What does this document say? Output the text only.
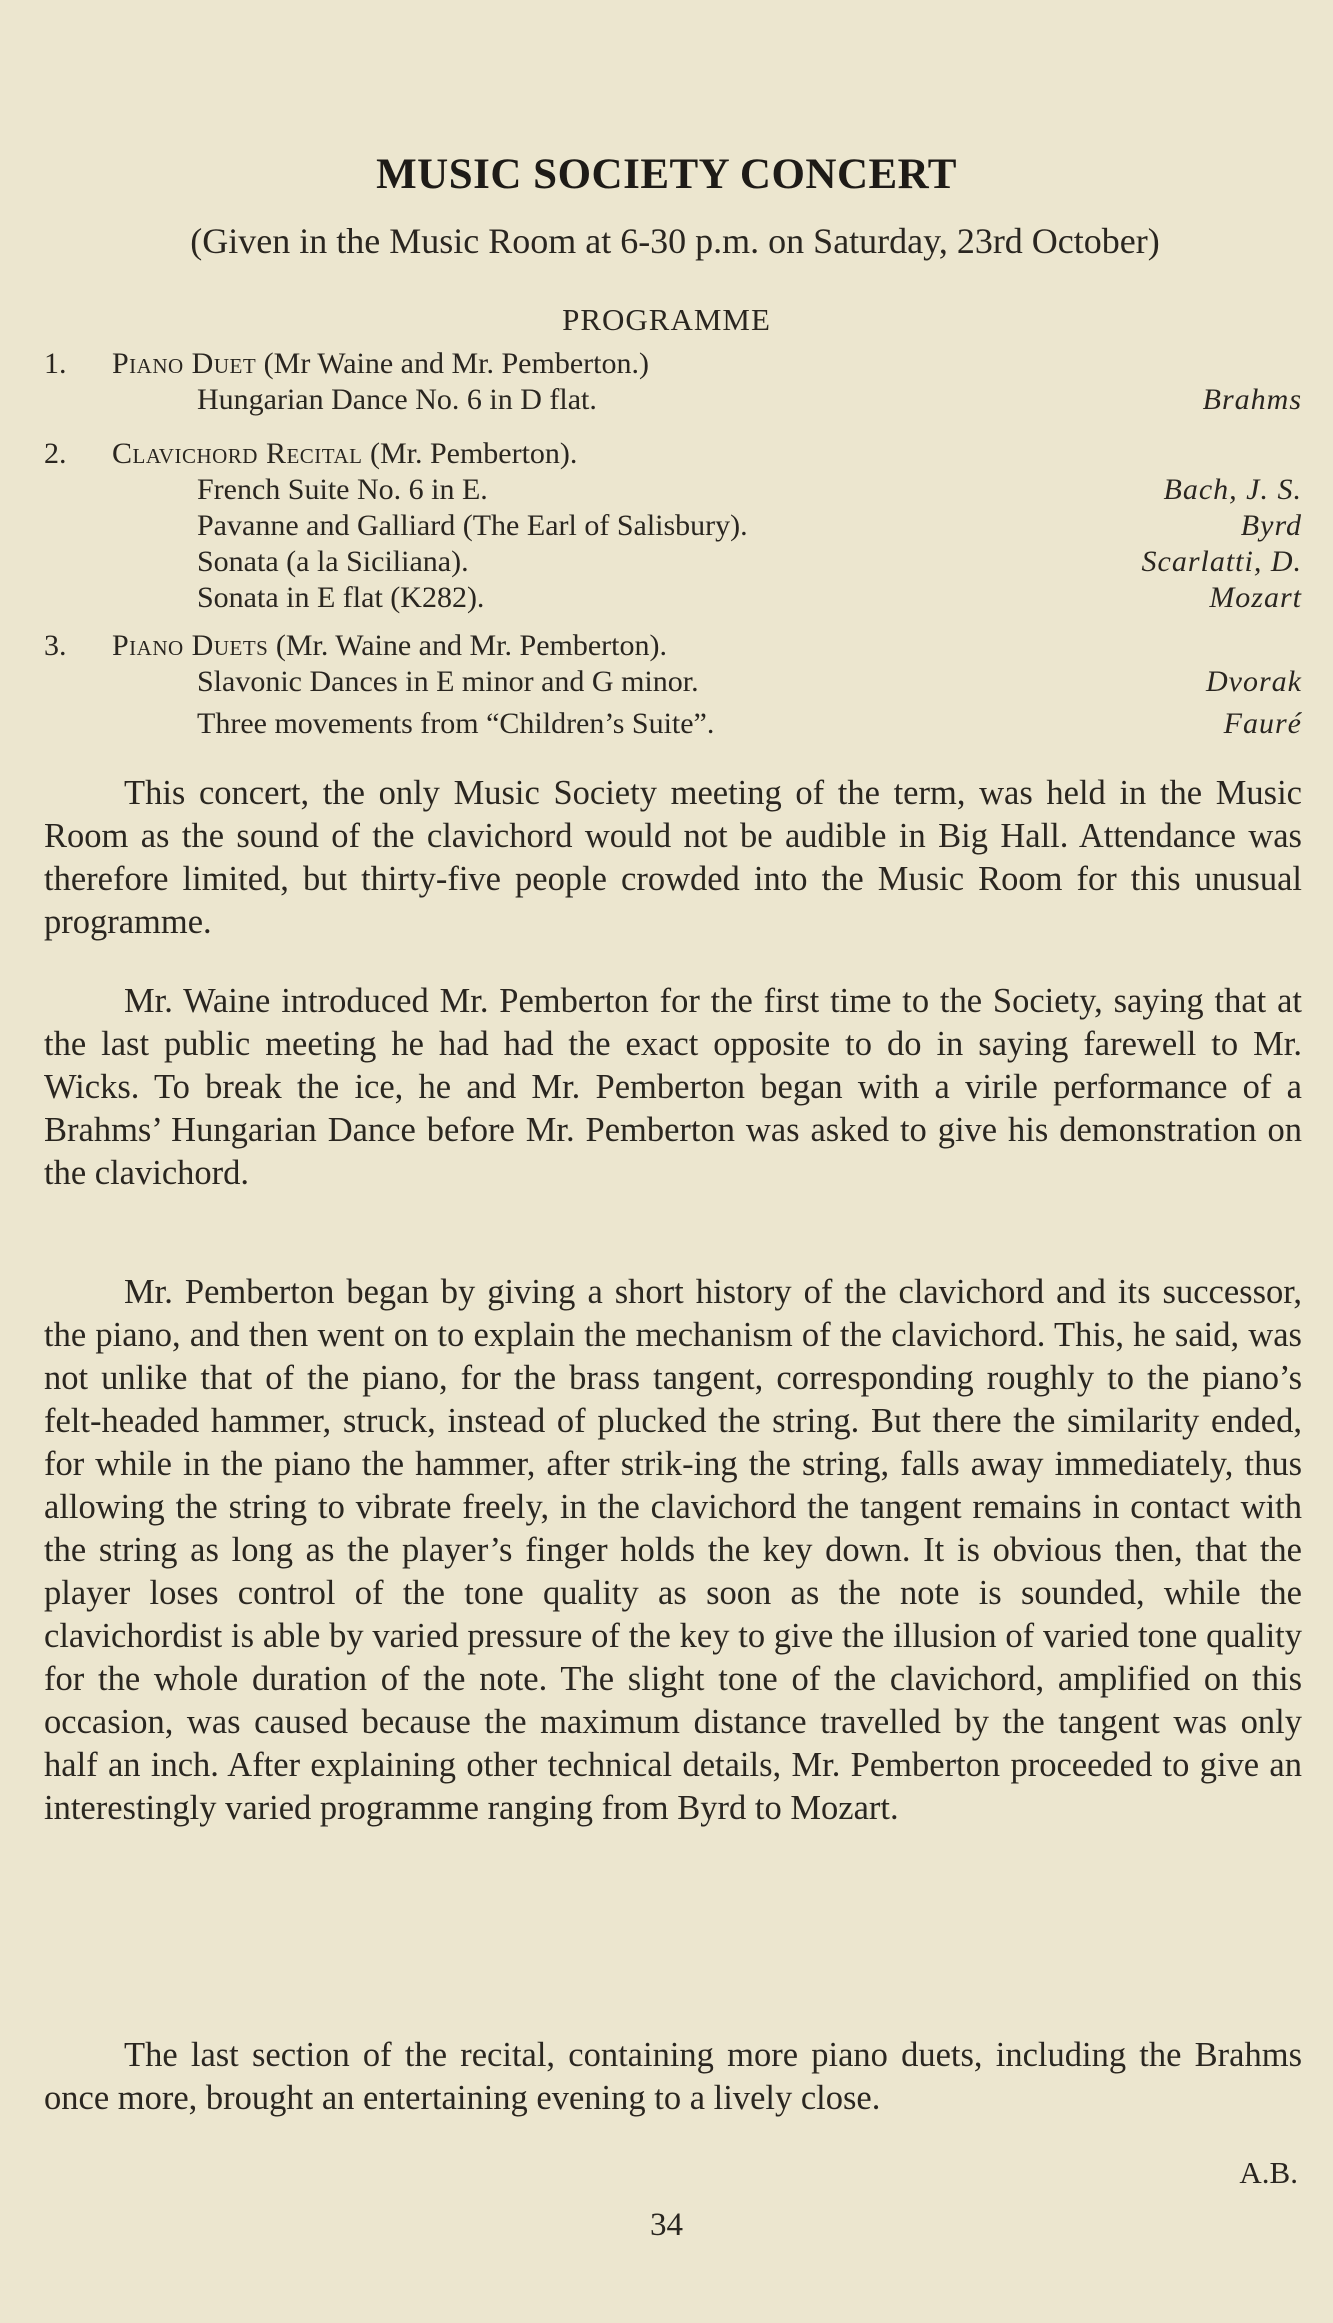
MUSIC SOCIETY CONCERT
(Given in the Music Room at 6-30 p.m. on Saturday, 23rd October)
PROGRAMME
1. Piano Duet (Mr Waine and Mr. Pemberton.)
Hungarian Dance No. 6 in D flat.	Brahms
2. Clavichord Recital (Mr. Pemberton).
French Suite No. 6 in E.	Bach, J. S.
Pavanne and Galliard (The Earl of Salisbury).	Byrd
Sonata (a la Siciliana).	Scarlatti, D.
Sonata in E flat (K282).	Mozart
3. Piano Duets (Mr. Waine and Mr. Pemberton).
Slavonic Dances in E minor and G minor.	Dvorak
Three movements from “Children’s Suite”.	Fauré

This concert, the only Music Society meeting of the term, was held in the Music Room as the sound of the clavichord would not be audible in Big Hall. Attendance was therefore limited, but thirty-five people crowded into the Music Room for this unusual programme.

Mr. Waine introduced Mr. Pemberton for the first time to the Society, saying that at the last public meeting he had had the exact opposite to do in saying farewell to Mr. Wicks. To break the ice, he and Mr. Pemberton began with a virile performance of a Brahms’ Hungarian Dance before Mr. Pemberton was asked to give his demonstration on the clavichord.

Mr. Pemberton began by giving a short history of the clavichord and its successor, the piano, and then went on to explain the mechanism of the clavichord. This, he said, was not unlike that of the piano, for the brass tangent, corresponding roughly to the piano’s felt-headed hammer, struck, instead of plucked the string. But there the similarity ended, for while in the piano the hammer, after strik-ing the string, falls away immediately, thus allowing the string to vibrate freely, in the clavichord the tangent remains in contact with the string as long as the player’s finger holds the key down. It is obvious then, that the player loses control of the tone quality as soon as the note is sounded, while the clavichordist is able by varied pressure of the key to give the illusion of varied tone quality for the whole duration of the note. The slight tone of the clavichord, amplified on this occasion, was caused because the maximum distance travelled by the tangent was only half an inch. After explaining other technical details, Mr. Pemberton proceeded to give an interestingly varied programme ranging from Byrd to Mozart.

The last section of the recital, containing more piano duets, including the Brahms once more, brought an entertaining evening to a lively close.

A.B.
34
